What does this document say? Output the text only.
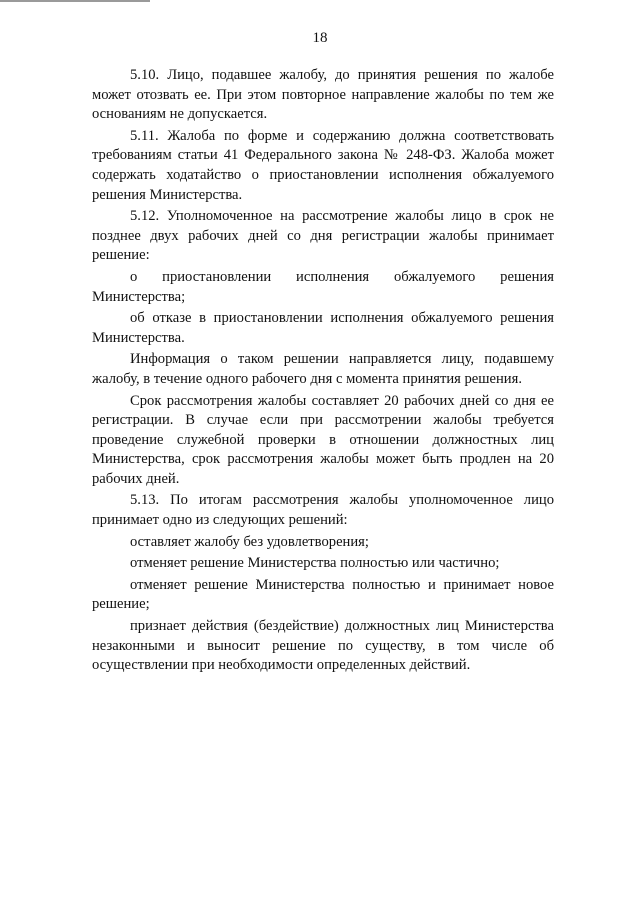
18

5.10. Лицо, подавшее жалобу, до принятия решения по жалобе может отозвать ее. При этом повторное направление жалобы по тем же основаниям не допускается.

5.11. Жалоба по форме и содержанию должна соответствовать требованиям статьи 41 Федерального закона № 248-ФЗ. Жалоба может содержать ходатайство о приостановлении исполнения обжалуемого решения Министерства.

5.12. Уполномоченное на рассмотрение жалобы лицо в срок не позднее двух рабочих дней со дня регистрации жалобы принимает решение:

о приостановлении исполнения обжалуемого решения Министерства;

об отказе в приостановлении исполнения обжалуемого решения Министерства.

Информация о таком решении направляется лицу, подавшему жалобу, в течение одного рабочего дня с момента принятия решения.

Срок рассмотрения жалобы составляет 20 рабочих дней со дня ее регистрации. В случае если при рассмотрении жалобы требуется проведение служебной проверки в отношении должностных лиц Министерства, срок рассмотрения жалобы может быть продлен на 20 рабочих дней.

5.13. По итогам рассмотрения жалобы уполномоченное лицо принимает одно из следующих решений:

оставляет жалобу без удовлетворения;

отменяет решение Министерства полностью или частично;

отменяет решение Министерства полностью и принимает новое решение;

признает действия (бездействие) должностных лиц Министерства незаконными и выносит решение по существу, в том числе об осуществлении при необходимости определенных действий.
